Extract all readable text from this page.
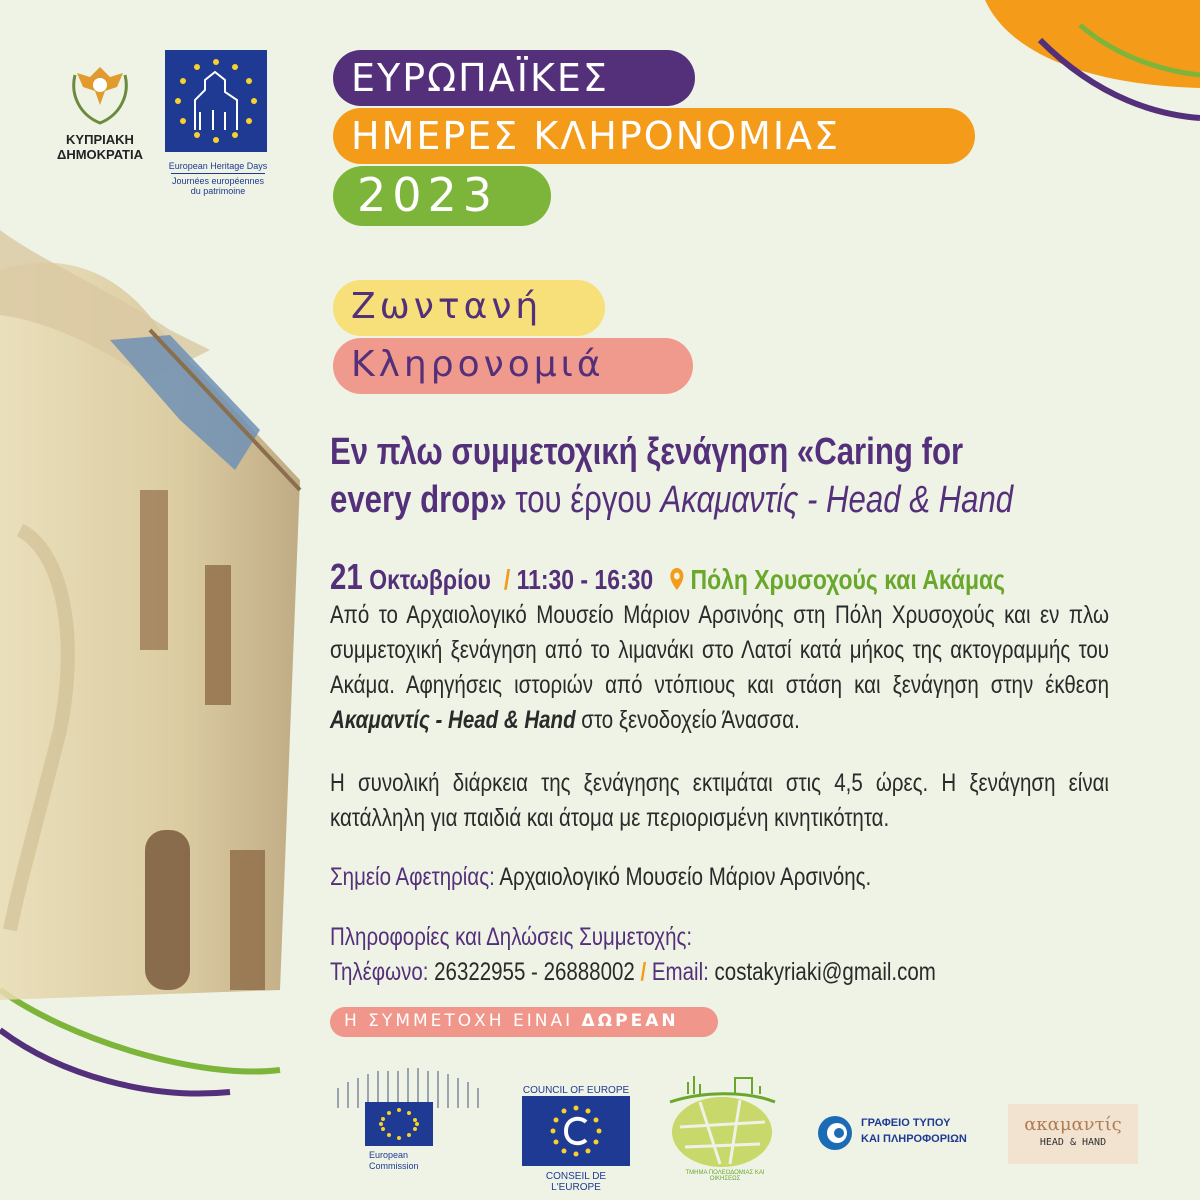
ΚΥΠΡΙΑΚΗ
ΔΗΜΟΚΡΑΤΙΑ
European Heritage Days
Journées européennes
du patrimoine
ΕΥΡΩΠΑΪΚΕΣ
ΗΜΕΡΕΣ ΚΛΗΡΟΝΟΜΙΑΣ
2023
Ζωντανή
Κληρονομιά
Εν πλω συμμετοχική ξενάγηση «Caring for
every drop» του έργου Ακαμαντίς - Head & Hand
21 Οκτωβρίου / 11:30 - 16:30 Πόλη Χρυσοχούς και Ακάμας
Από το Αρχαιολογικό Μουσείο Μάριον Αρσινόης στη Πόλη Χρυσοχούς και εν πλω συμμετοχική ξενάγηση από το λιμανάκι στο Λατσί κατά μήκος της ακτογραμμής του Ακάμα. Αφηγήσεις ιστοριών από ντόπιους και στάση και ξενάγηση στην έκθεση Ακαμαντίς - Head & Hand στο ξενοδοχείο Άνασσα.
Η συνολική διάρκεια της ξενάγησης εκτιμάται στις 4,5 ώρες. Η ξενάγηση είναι κατάλληλη για παιδιά και άτομα με περιορισμένη κινητικότητα.
Σημείο Αφετηρίας: Αρχαιολογικό Μουσείο Μάριον Αρσινόης.
Πληροφορίες και Δηλώσεις Συμμετοχής:
Τηλέφωνο: 26322955 - 26888002 / Email: costakyriaki@gmail.com
Η ΣΥΜΜΕΤΟΧΗ ΕΙΝΑΙ ΔΩΡΕΑΝ
European
Commission
COUNCIL OF EUROPE
CONSEIL DE L'EUROPE
ΤΜΗΜΑ ΠΟΛΕΟΔΟΜΙΑΣ ΚΑΙ ΟΙΚΗΣΕΩΣ
ΓΡΑΦΕΙΟ ΤΥΠΟΥ
ΚΑΙ ΠΛΗΡΟΦΟΡΙΩΝ
ακαμαντίς
HEAD & HAND
